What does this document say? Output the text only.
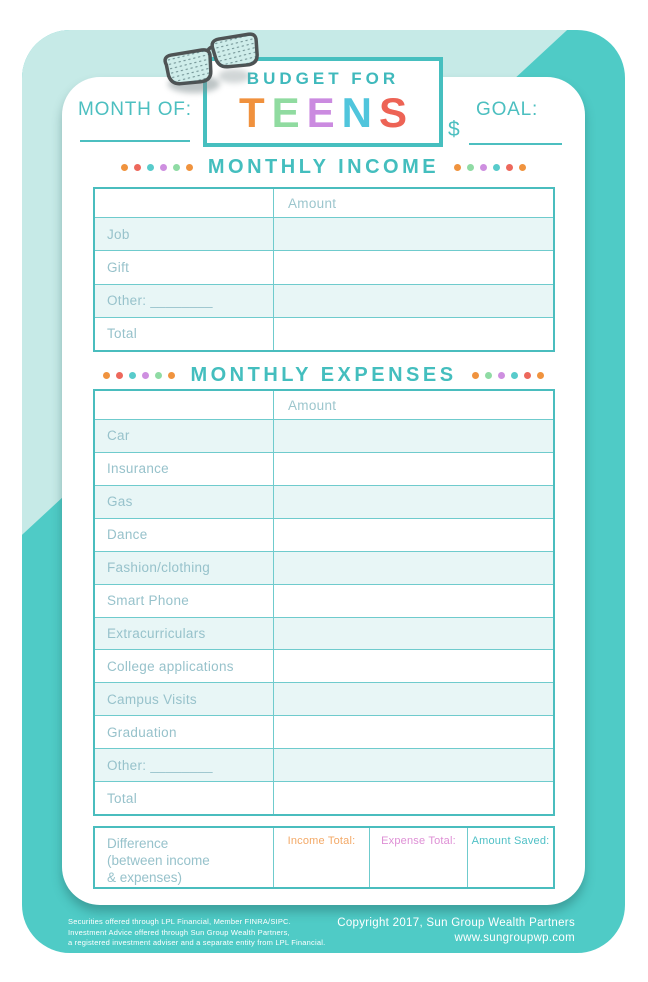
BUDGET FOR
T E E N S
MONTH OF:	GOAL:
$
MONTHLY INCOME
Amount
Job
Gift
Other: ________
Total
MONTHLY EXPENSES
Amount
Car
Insurance
Gas
Dance
Fashion/clothing
Smart Phone
Extracurriculars
College applications
Campus Visits
Graduation
Other: ________
Total
Difference
(between income
& expenses)
Income Total:	Expense Total:	Amount Saved:
Securities offered through LPL Financial, Member FINRA/SIPC.
Investment Advice offered through Sun Group Wealth Partners,
a registered investment adviser and a separate entity from LPL Financial.
Copyright 2017, Sun Group Wealth Partners
www.sungroupwp.com
